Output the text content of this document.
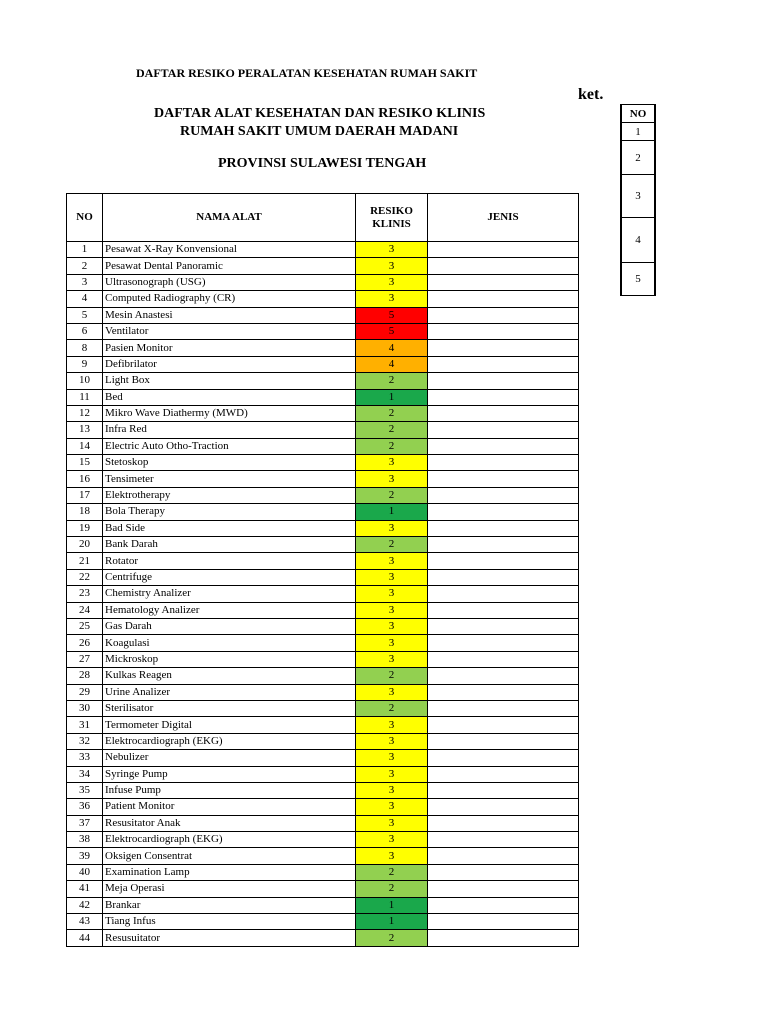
DAFTAR RESIKO PERALATAN KESEHATAN RUMAH SAKIT
DAFTAR ALAT KESEHATAN DAN RESIKO KLINIS
RUMAH SAKIT UMUM DAERAH MADANI
PROVINSI SULAWESI TENGAH
ket.
NO
1
2
3
4
5
NO	NAMA ALAT	RESIKO
KLINIS	JENIS
1	Pesawat X-Ray Konvensional	3	
2	Pesawat Dental Panoramic	3	
3	Ultrasonograph (USG)	3	
4	Computed Radiography (CR)	3	
5	Mesin Anastesi	5	
6	Ventilator	5	
8	Pasien Monitor	4	
9	Defibrilator	4	
10	Light Box	2	
11	Bed	1	
12	Mikro Wave Diathermy (MWD)	2	
13	Infra Red	2	
14	Electric Auto Otho-Traction	2	
15	Stetoskop	3	
16	Tensimeter	3	
17	Elektrotherapy	2	
18	Bola Therapy	1	
19	Bad Side	3	
20	Bank Darah	2	
21	Rotator	3	
22	Centrifuge	3	
23	Chemistry Analizer	3	
24	Hematology Analizer	3	
25	Gas Darah	3	
26	Koagulasi	3	
27	Mickroskop	3	
28	Kulkas Reagen	2	
29	Urine Analizer	3	
30	Sterilisator	2	
31	Termometer Digital	3	
32	Elektrocardiograph (EKG)	3	
33	Nebulizer	3	
34	Syringe Pump	3	
35	Infuse Pump	3	
36	Patient Monitor	3	
37	Resusitator Anak	3	
38	Elektrocardiograph (EKG)	3	
39	Oksigen Consentrat	3	
40	Examination Lamp	2	
41	Meja Operasi	2	
42	Brankar	1	
43	Tiang Infus	1	
44	Resusuitator	2	
